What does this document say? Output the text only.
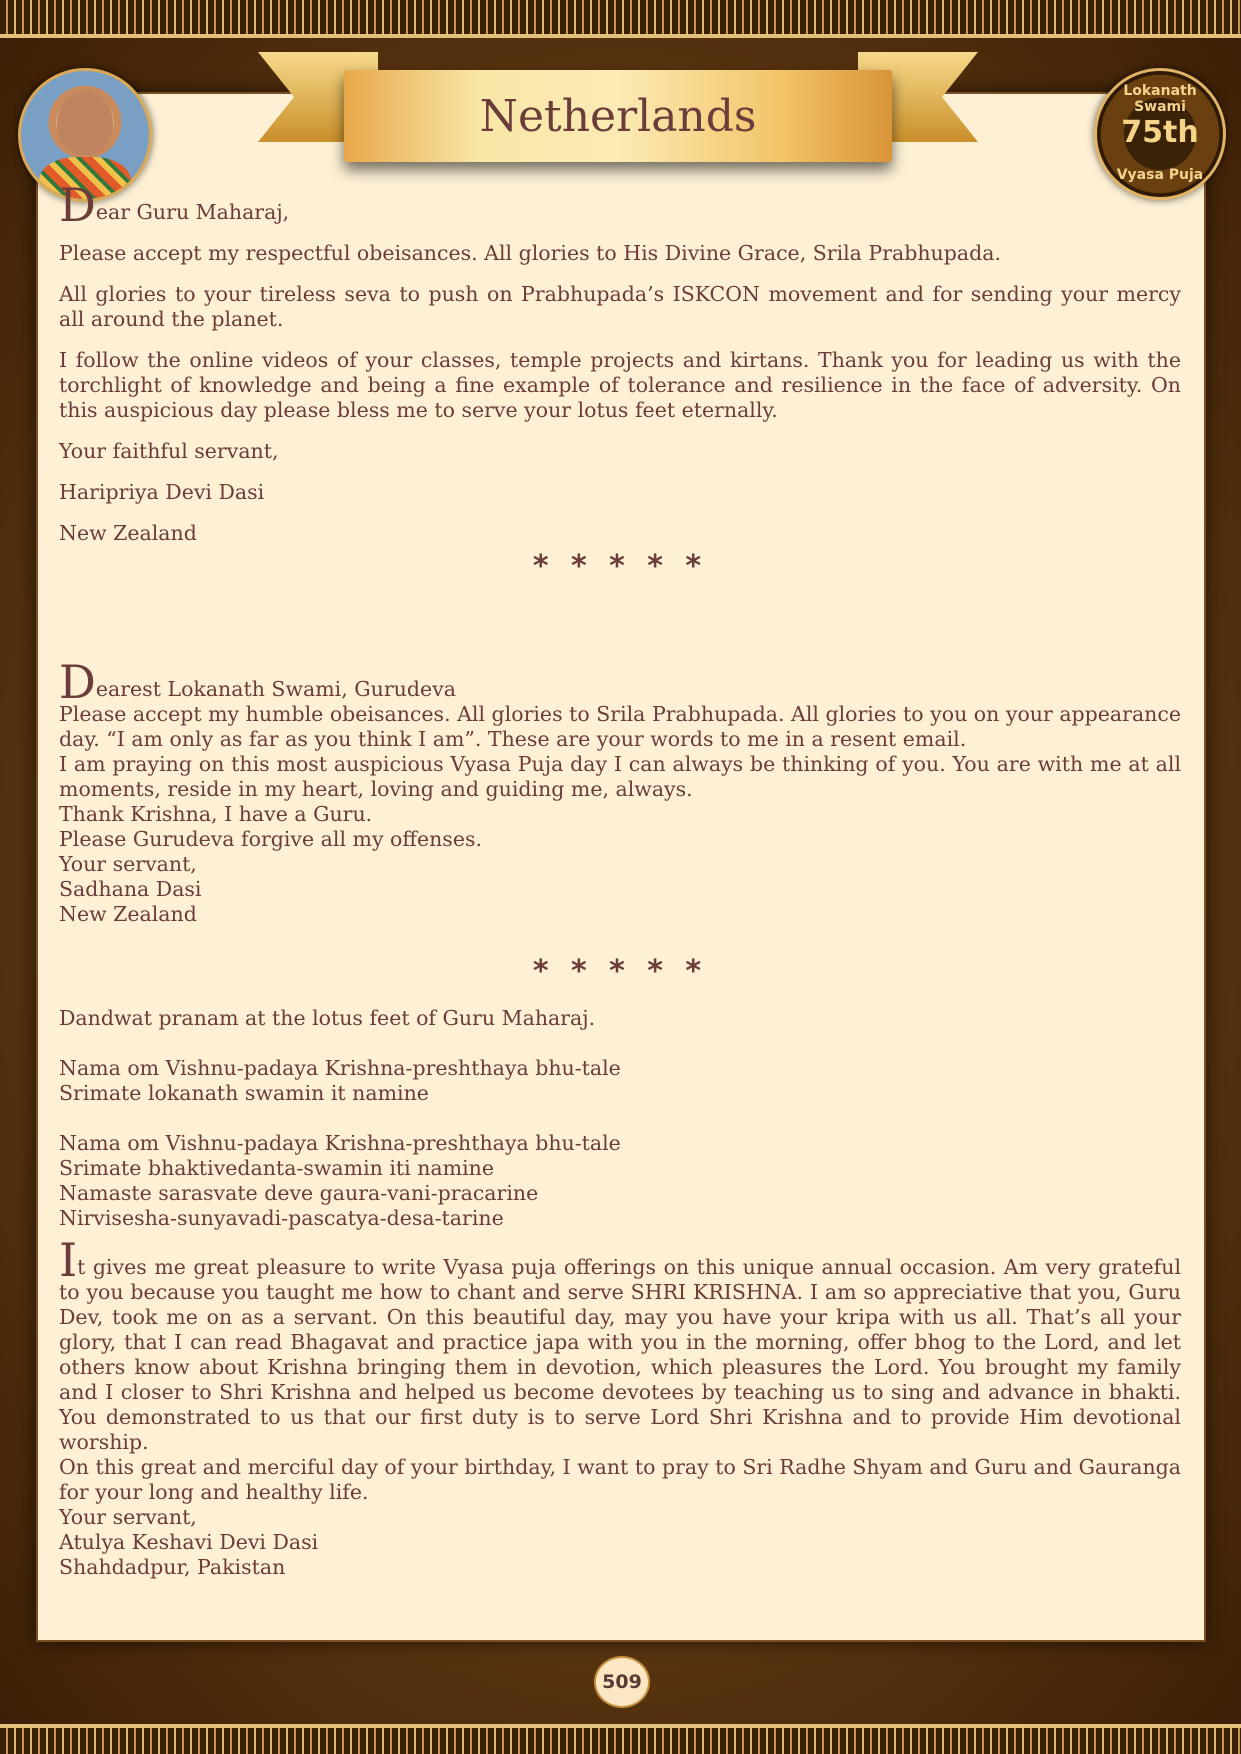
Netherlands	Lokanath Swami
75th
Vyasa Puja

Dear Guru Maharaj,

Please accept my respectful obeisances. All glories to His Divine Grace, Srila Prabhupada.

All glories to your tireless seva to push on Prabhupada’s ISKCON movement and for sending your mercy all around the planet.

I follow the online videos of your classes, temple projects and kirtans. Thank you for leading us with the torchlight of knowledge and being a fine example of tolerance and resilience in the face of adversity. On this auspicious day please bless me to serve your lotus feet eternally.

Your faithful servant,

Haripriya Devi Dasi

New Zealand

* * * * *

Dearest Lokanath Swami, Gurudeva

Please accept my humble obeisances. All glories to Srila Prabhupada. All glories to you on your appearance day. “I am only as far as you think I am”. These are your words to me in a resent email.

I am praying on this most auspicious Vyasa Puja day I can always be thinking of you. You are with me at all moments, reside in my heart, loving and guiding me, always.

Thank Krishna, I have a Guru.

Please Gurudeva forgive all my offenses.

Your servant,

Sadhana Dasi

New Zealand

* * * * *

Dandwat pranam at the lotus feet of Guru Maharaj.

Nama om Vishnu-padaya Krishna-preshthaya bhu-tale

Srimate lokanath swamin it namine

Nama om Vishnu-padaya Krishna-preshthaya bhu-tale

Srimate bhaktivedanta-swamin iti namine

Namaste sarasvate deve gaura-vani-pracarine

Nirvisesha-sunyavadi-pascatya-desa-tarine

It gives me great pleasure to write Vyasa puja offerings on this unique annual occasion. Am very grateful to you because you taught me how to chant and serve SHRI KRISHNA. I am so appreciative that you, Guru Dev, took me on as a servant. On this beautiful day, may you have your kripa with us all. That’s all your glory, that I can read Bhagavat and practice japa with you in the morning, offer bhog to the Lord, and let others know about Krishna bringing them in devotion, which pleasures the Lord. You brought my family and I closer to Shri Krishna and helped us become devotees by teaching us to sing and advance in bhakti. You demonstrated to us that our first duty is to serve Lord Shri Krishna and to provide Him devotional worship.

On this great and merciful day of your birthday, I want to pray to Sri Radhe Shyam and Guru and Gauranga for your long and healthy life.

Your servant,

Atulya Keshavi Devi Dasi

Shahdadpur, Pakistan

509
